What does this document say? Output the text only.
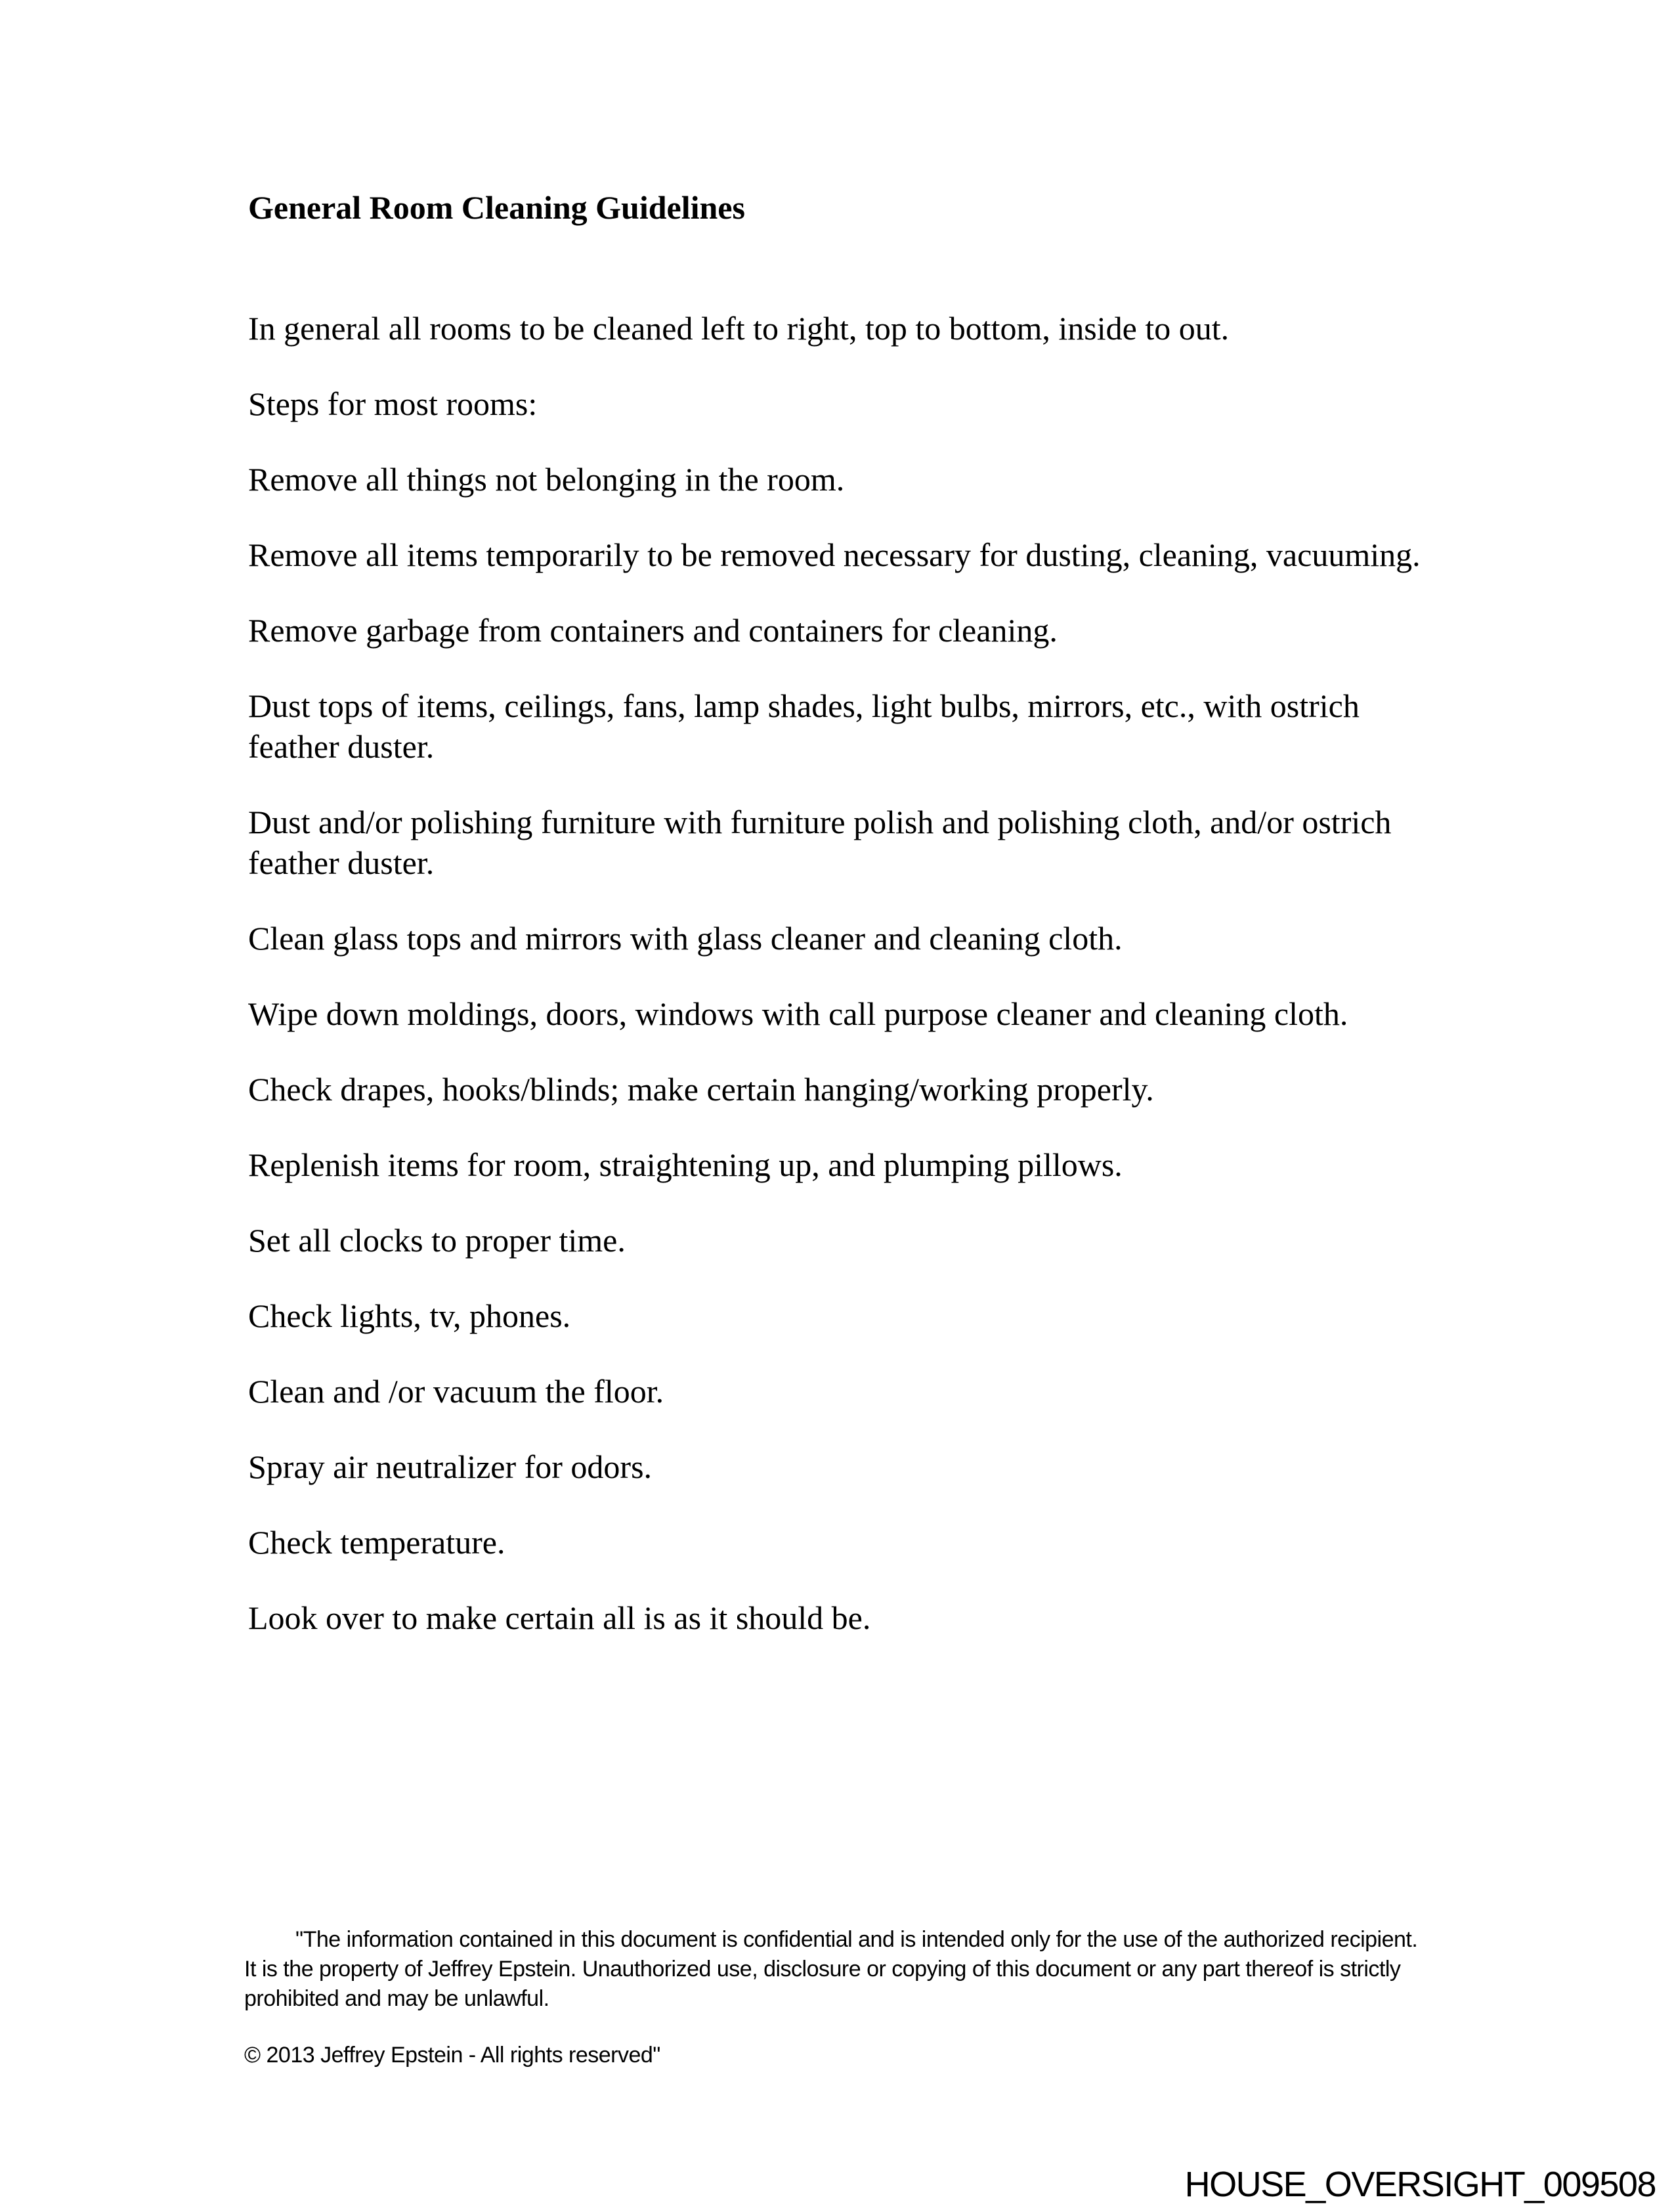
General Room Cleaning Guidelines

In general all rooms to be cleaned left to right, top to bottom, inside to out.

Steps for most rooms:

Remove all things not belonging in the room.

Remove all items temporarily to be removed necessary for dusting, cleaning, vacuuming.

Remove garbage from containers and containers for cleaning.

Dust tops of items, ceilings, fans, lamp shades, light bulbs, mirrors, etc., with ostrich feather duster.

Dust and/or polishing furniture with furniture polish and polishing cloth, and/or ostrich feather duster.

Clean glass tops and mirrors with glass cleaner and cleaning cloth.

Wipe down moldings, doors, windows with call purpose cleaner and cleaning cloth.

Check drapes, hooks/blinds; make certain hanging/working properly.

Replenish items for room, straightening up, and plumping pillows.

Set all clocks to proper time.

Check lights, tv, phones.

Clean and /or vacuum the floor.

Spray air neutralizer for odors.

Check temperature.

Look over to make certain all is as it should be.

"The information contained in this document is confidential and is intended only for the use of the authorized recipient.
It is the property of Jeffrey Epstein. Unauthorized use, disclosure or copying of this document or any part thereof is strictly
prohibited and may be unlawful.
© 2013 Jeffrey Epstein - All rights reserved"
HOUSE_OVERSIGHT_009508
